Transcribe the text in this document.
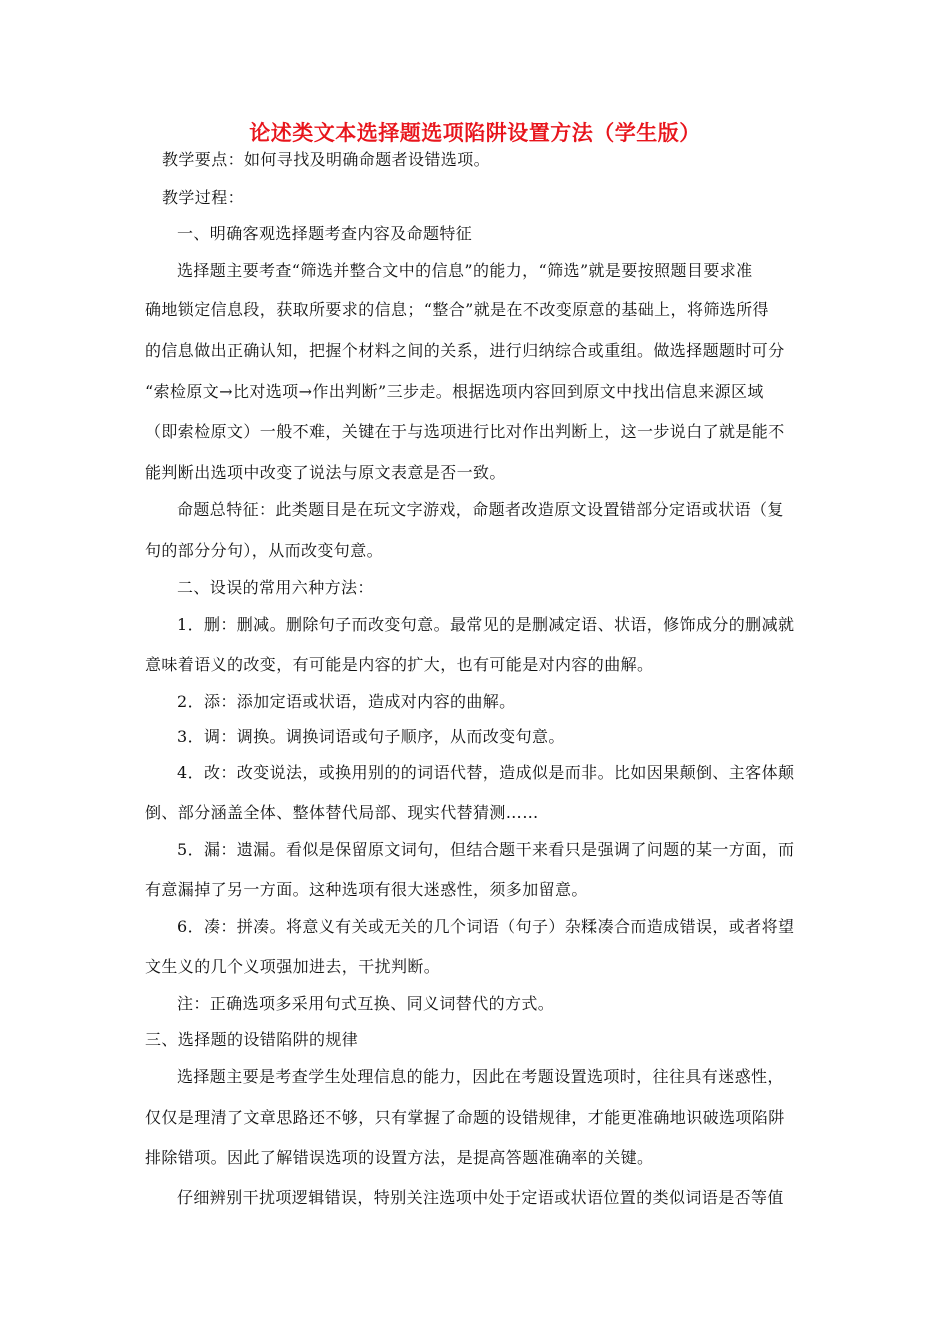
论述类文本选择题选项陷阱设置方法（学生版）
教学要点：如何寻找及明确命题者设错选项。
教学过程：
一、明确客观选择题考查内容及命题特征
选择题主要考查“筛选并整合文中的信息”的能力，“筛选”就是要按照题目要求准
确地锁定信息段，获取所要求的信息；“整合”就是在不改变原意的基础上，将筛选所得
的信息做出正确认知，把握个材料之间的关系，进行归纳综合或重组。做选择题题时可分
“索检原文→比对选项→作出判断”三步走。根据选项内容回到原文中找出信息来源区域
（即索检原文）一般不难，关键在于与选项进行比对作出判断上，这一步说白了就是能不
能判断出选项中改变了说法与原文表意是否一致。
命题总特征：此类题目是在玩文字游戏，命题者改造原文设置错部分定语或状语（复
句的部分分句），从而改变句意。
二、设误的常用六种方法：
1．删：删减。删除句子而改变句意。最常见的是删减定语、状语，修饰成分的删减就
意味着语义的改变，有可能是内容的扩大，也有可能是对内容的曲解。
2．添：添加定语或状语，造成对内容的曲解。
3．调：调换。调换词语或句子顺序，从而改变句意。
4．改：改变说法，或换用别的的词语代替，造成似是而非。比如因果颠倒、主客体颠
倒、部分涵盖全体、整体替代局部、现实代替猜测……
5．漏：遗漏。看似是保留原文词句，但结合题干来看只是强调了问题的某一方面，而
有意漏掉了另一方面。这种选项有很大迷惑性，须多加留意。
6．凑：拼凑。将意义有关或无关的几个词语（句子）杂糅凑合而造成错误，或者将望
文生义的几个义项强加进去，干扰判断。
注：正确选项多采用句式互换、同义词替代的方式。
三、选择题的设错陷阱的规律
选择题主要是考查学生处理信息的能力，因此在考题设置选项时，往往具有迷惑性，
仅仅是理清了文章思路还不够，只有掌握了命题的设错规律，才能更准确地识破选项陷阱
排除错项。因此了解错误选项的设置方法，是提高答题准确率的关键。
仔细辨别干扰项逻辑错误，特别关注选项中处于定语或状语位置的类似词语是否等值
